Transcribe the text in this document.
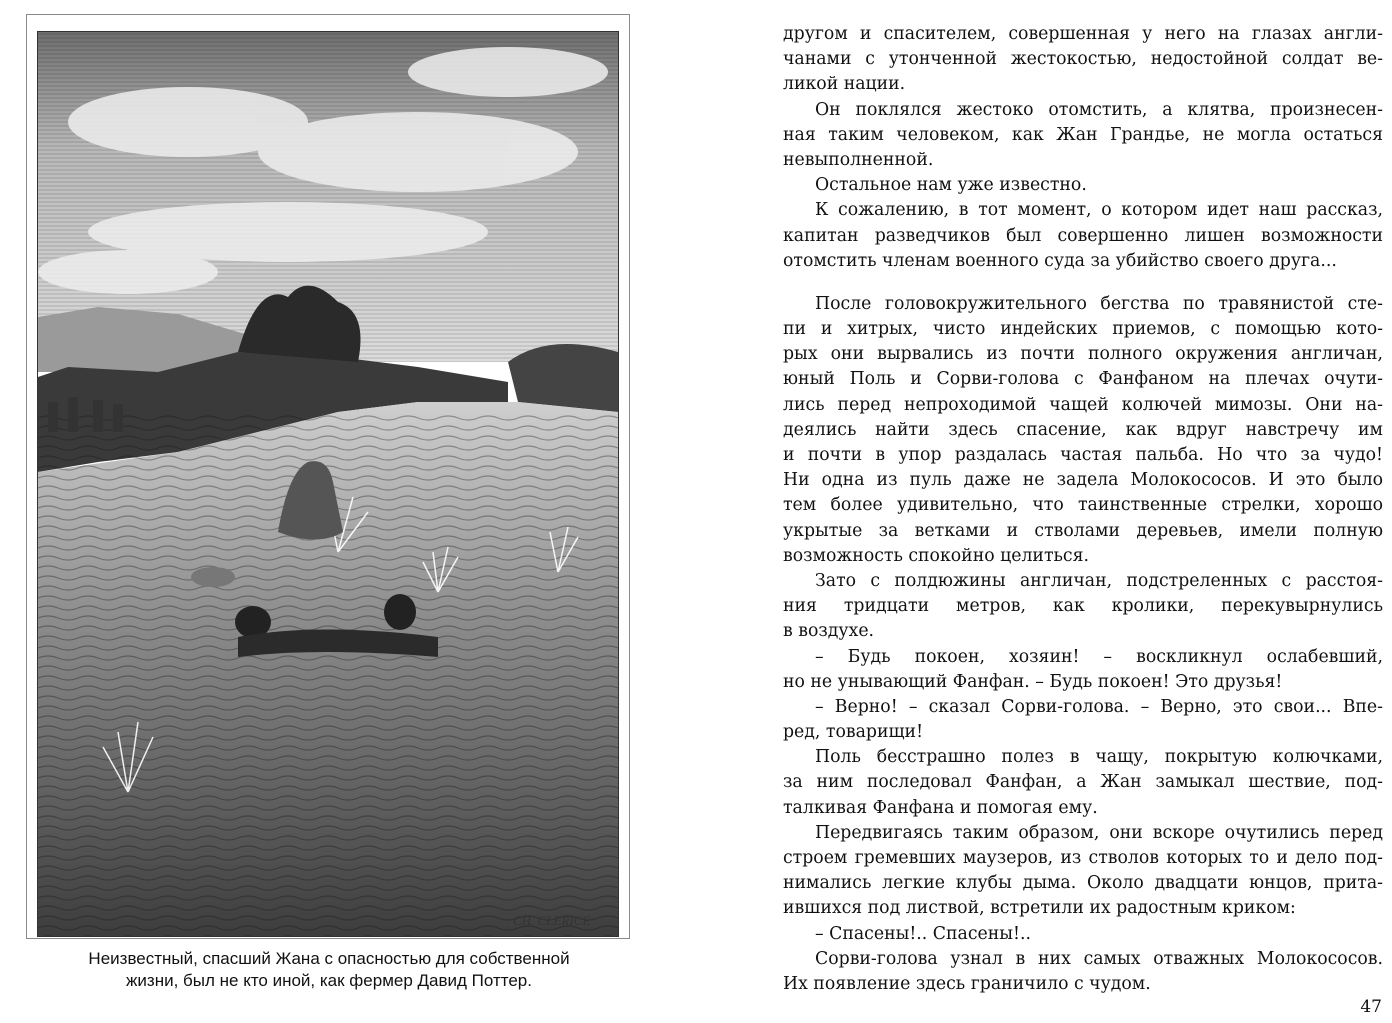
CH. CLERICE
Неизвестный, спасший Жана с опасностью для собственной
жизни, был не кто иной, как фермер Давид Поттер.
другом и спасителем, совершенная у него на глазах англи-
чанами с утонченной жестокостью, недостойной солдат ве-
ликой нации.
Он поклялся жестоко отомстить, а клятва, произнесен-
ная таким человеком, как Жан Грандье, не могла остаться
невыполненной.
Остальное нам уже известно.
К сожалению, в тот момент, о котором идет наш рассказ,
капитан разведчиков был совершенно лишен возможности
отомстить членам военного суда за убийство своего друга...
После головокружительного бегства по травянистой сте-
пи и хитрых, чисто индейских приемов, с помощью кото-
рых они вырвались из почти полного окружения англичан,
юный Поль и Сорви-голова с Фанфаном на плечах очути-
лись перед непроходимой чащей колючей мимозы. Они на-
деялись найти здесь спасение, как вдруг навстречу им
и почти в упор раздалась частая пальба. Но что за чудо!
Ни одна из пуль даже не задела Молокососов. И это было
тем более удивительно, что таинственные стрелки, хорошо
укрытые за ветками и стволами деревьев, имели полную
возможность спокойно целиться.
Зато с полдюжины англичан, подстреленных с расстоя-
ния тридцати метров, как кролики, перекувырнулись
в воздухе.
– Будь покоен, хозяин! – воскликнул ослабевший,
но не унывающий Фанфан. – Будь покоен! Это друзья!
– Верно! – сказал Сорви-голова. – Верно, это свои... Впе-
ред, товарищи!
Поль бесстрашно полез в чащу, покрытую колючками,
за ним последовал Фанфан, а Жан замыкал шествие, под-
талкивая Фанфана и помогая ему.
Передвигаясь таким образом, они вскоре очутились перед
строем гремевших маузеров, из стволов которых то и дело под-
нимались легкие клубы дыма. Около двадцати юнцов, прита-
ившихся под листвой, встретили их радостным криком:
– Спасены!.. Спасены!..
Сорви-голова узнал в них самых отважных Молокососов.
Их появление здесь граничило с чудом.
47
